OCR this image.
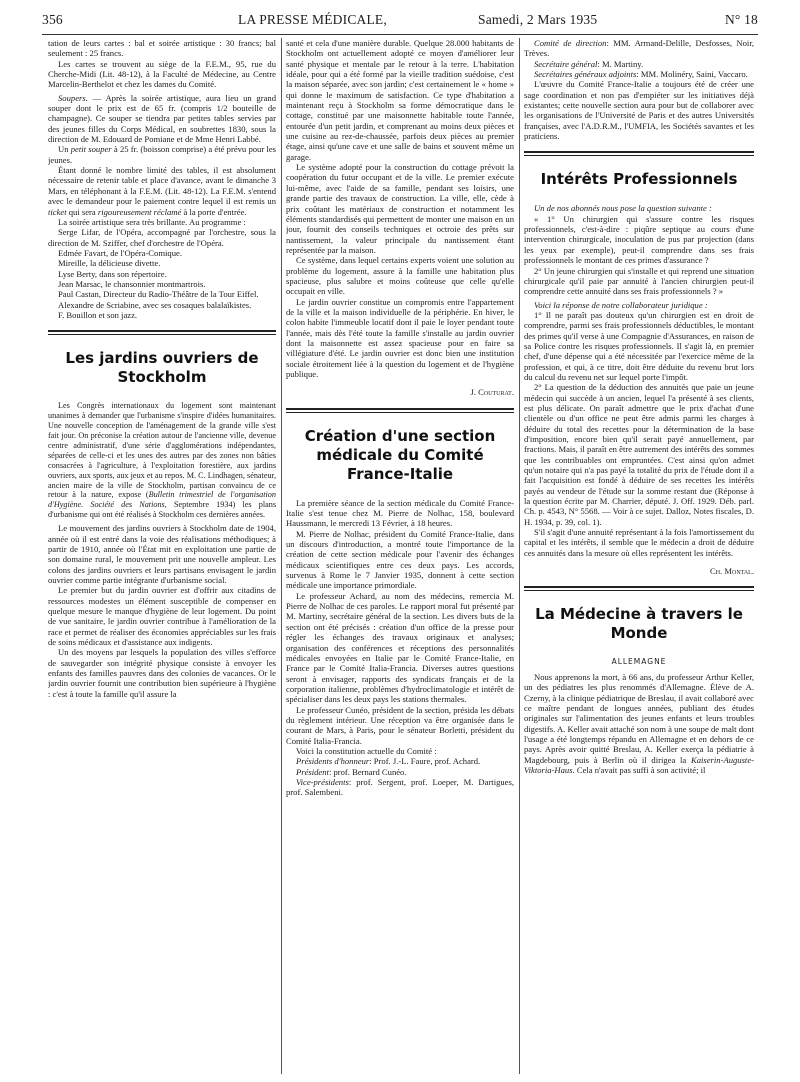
356	LA PRESSE MÉDICALE,	Samedi, 2 Mars 1935	N° 18

tation de leurs cartes : bal et soirée artistique : 30 francs; bal seulement : 25 francs.

Les cartes se trouvent au siège de la F.E.M., 95, rue du Cherche-Midi (Lit. 48-12), à la Faculté de Médecine, au Centre Marcelin-Berthelot et chez les dames du Comité.

Soupers. — Après la soirée artistique, aura lieu un grand souper dont le prix est de 65 fr. (compris 1/2 bouteille de champagne). Ce souper se tiendra par petites tables servies par des jeunes filles du Corps Médical, en soubrettes 1830, sous la direction de M. Edouard de Pomiane et de Mme Henri Labbé.

Un petit souper à 25 fr. (boisson comprise) a été prévu pour les jeunes.

Étant donné le nombre limité des tables, il est absolument nécessaire de retenir table et place d'avance, avant le dimanche 3 Mars, en téléphonant à la F.E.M. (Lit. 48-12). La F.E.M. s'entend avec le demandeur pour le paiement contre lequel il est remis un ticket qui sera rigoureusement réclamé à la porte d'entrée.

La soirée artistique sera très brillante. Au programme :

Serge Lifar, de l'Opéra, accompagné par l'orchestre, sous la direction de M. Sziffer, chef d'orchestre de l'Opéra.

Edmée Favart, de l'Opéra-Comique.

Mireille, la délicieuse divette.

Lyse Berty, dans son répertoire.

Jean Marsac, le chansonnier montmartrois.

Paul Castan, Directeur du Radio-Théâtre de la Tour Eiffel.

Alexandre de Scriabine, avec ses cosaques balalaïkistes.

F. Bouillon et son jazz.

Les jardins ouvriers de Stockholm

Les Congrès internationaux du logement sont maintenant unanimes à demander que l'urbanisme s'inspire d'idées humanitaires. Une nouvelle conception de l'aménagement de la grande ville s'est fait jour. On préconise la création autour de l'ancienne ville, devenue centre administratif, d'une série d'agglomérations indépendantes, séparées de celle-ci et les unes des autres par des zones non bâties consacrées à l'agriculture, à l'exploitation forestière, aux jardins ouvriers, aux sports, aux jeux et au repos. M. C. Lindhagen, sénateur, ancien maire de la ville de Stockholm, partisan convaincu de ce retour à la nature, expose (Bulletin trimestriel de l'organisation d'Hygiène. Société des Nations, Septembre 1934) les plans d'urbanisme qui ont été réalisés à Stockholm ces dernières années.

Le mouvement des jardins ouvriers à Stockholm date de 1904, année où il est entré dans la voie des réalisations méthodiques; à partir de 1910, année où l'État mit en exploitation une partie de son domaine rural, le mouvement prit une nouvelle ampleur. Les colons des jardins ouvriers et leurs partisans envisagent le jardin ouvrier comme partie intégrante d'urbanisme social.

Le premier but du jardin ouvrier est d'offrir aux citadins de ressources modestes un élément susceptible de compenser en quelque mesure le manque d'hygiène de leur logement. Du point de vue sanitaire, le jardin ouvrier contribue à l'amélioration de la race et permet de réaliser des économies appréciables sur les frais de soins médicaux et d'assistance aux indigents.

Un des moyens par lesquels la population des villes s'efforce de sauvegarder son intégrité physique consiste à envoyer les enfants des familles pauvres dans des colonies de vacances. Or le jardin ouvrier fournit une contribution bien supérieure à l'hygiène : c'est à toute la famille qu'il assure la

santé et cela d'une manière durable. Quelque 28.000 habitants de Stockholm ont actuellement adopté ce moyen d'améliorer leur santé physique et mentale par le retour à la terre. L'habitation idéale, pour qui a été formé par la vieille tradition suédoise, c'est la maison séparée, avec son jardin; c'est certainement le « home » qui donne le maximum de satisfaction. Ce type d'habitation a maintenant reçu à Stockholm sa forme démocratique dans le cottage, constitué par une maisonnette habitable toute l'année, entourée d'un petit jardin, et comprenant au moins deux pièces et une cuisine au rez-de-chaussée, parfois deux pièces au premier étage, ainsi qu'une cave et une salle de bains et souvent même un garage.

Le système adopté pour la construction du cottage prévoit la coopération du futur occupant et de la ville. Le premier exécute lui-même, avec l'aide de sa famille, pendant ses loisirs, une grande partie des travaux de construction. La ville, elle, cède à prix coûtant les matériaux de construction et notamment les éléments standardisés qui permettent de monter une maison en un jour, fournit des conseils techniques et octroie des prêts sur nantissement, la valeur principale du nantissement étant représentée par la maison.

Ce système, dans lequel certains experts voient une solution au problème du logement, assure à la famille une habitation plus spacieuse, plus salubre et moins coûteuse que celle qu'elle occupait en ville.

Le jardin ouvrier constitue un compromis entre l'appartement de la ville et la maison individuelle de la périphérie. En hiver, le colon habite l'immeuble locatif dont il paie le loyer pendant toute l'année, mais dès l'été toute la famille s'installe au jardin ouvrier dont la maisonnette est assez spacieuse pour en faire sa villégiature d'été. Le jardin ouvrier est donc bien une institution sociale étroitement liée à la question du logement et de l'hygiène publique.

J. Couturat.
Création d'une section médicale du Comité France-Italie

La première séance de la section médicale du Comité France-Italie s'est tenue chez M. Pierre de Nolhac, 158, boulevard Haussmann, le mercredi 13 Février, à 18 heures.

M. Pierre de Nolhac, président du Comité France-Italie, dans un discours d'introduction, a montré toute l'importance de la création de cette section médicale pour l'avenir des échanges médicaux scientifiques entre ces deux pays. Les accords, survenus à Rome le 7 Janvier 1935, donnent à cette section médicale une importance primordiale.

Le professeur Achard, au nom des médecins, remercia M. Pierre de Nolhac de ces paroles. Le rapport moral fut présenté par M. Martiny, secrétaire général de la section. Les divers buts de la section ont été précisés : création d'un office de la presse pour régler les échanges des travaux originaux et analyses; organisation des conférences et réceptions des personnalités médicales envoyées en Italie par le Comité France-Italie, en France par le Comité Italia-Francia. Diverses autres questions seront à envisager, rapports des syndicats français et de la corporation italienne, problèmes d'hydroclimatologie et intérêt de spécialiser dans les deux pays les stations thermales.

Le professeur Cunéo, président de la section, présida les débats du règlement intérieur. Une réception va être organisée dans le courant de Mars, à Paris, pour le sénateur Borletti, président du Comité Italia-Francia.

Voici la constitution actuelle du Comité :

Présidents d'honneur: Prof. J.-L. Faure, prof. Achard.

Président: prof. Bernard Cunéo.

Vice-présidents: prof. Sergent, prof. Loeper, M. Dartigues, prof. Salembeni.

Comité de direction: MM. Armand-Delille, Desfosses, Noir, Trèves.

Secrétaire général: M. Martiny.

Secrétaires généraux adjoints: MM. Molinéry, Saini, Vaccaro.

L'œuvre du Comité France-Italie a toujours été de créer une sage coordination et non pas d'empiéter sur les initiatives déjà existantes; cette nouvelle section aura pour but de collaborer avec les organisations de l'Université de Paris et des autres Universités françaises, avec l'A.D.R.M., l'UMFIA, les Sociétés savantes et les praticiens.

Intérêts Professionnels

Un de nos abonnés nous pose la question suivante :

« 1° Un chirurgien qui s'assure contre les risques professionnels, c'est-à-dire : piqûre septique au cours d'une intervention chirurgicale, inoculation de pus par projection (dans les yeux par exemple), peut-il comprendre dans ses frais professionnels le montant de ces primes d'assurance ?

2° Un jeune chirurgien qui s'installe et qui reprend une situation chirurgicale qu'il paie par annuité à l'ancien chirurgien peut-il comprendre cette annuité dans ses frais professionnels ? »

Voici la réponse de notre collaborateur juridique :

1° Il ne paraît pas douteux qu'un chirurgien est en droit de comprendre, parmi ses frais professionnels déductibles, le montant des primes qu'il verse à une Compagnie d'Assurances, en raison de sa Police contre les risques professionnels. Il s'agit là, en premier chef, d'une dépense qui a été nécessitée par l'exercice même de la profession, et qui, à ce titre, doit être déduite du revenu brut lors du calcul du revenu net sur lequel porte l'impôt.

2° La question de la déduction des annuités que paie un jeune médecin qui succède à un ancien, lequel l'a présenté à ses clients, est plus délicate. On paraît admettre que le prix d'achat d'une clientèle ou d'un office ne peut être admis parmi les charges à déduire du total des recettes pour la détermination de la base d'imposition, encore bien qu'il serait payé annuellement, par fractions. Mais, il paraît en être autrement des intérêts des sommes que les contribuables ont empruntées. C'est ainsi qu'on admet qu'un notaire qui n'a pas payé la totalité du prix de l'étude dont il a fait l'acquisition est fondé à déduire de ses recettes les intérêts payés au vendeur de l'étude sur la somme restant due (Réponse à la question écrite par M. Charrier, député. J. Off. 1929. Déb. parl. Ch. p. 4543, N° 5568. — Voir à ce sujet. Dalloz, Notes fiscales, D. H. 1934, p. 39, col. 1).

S'il s'agit d'une annuité représentant à la fois l'amortissement du capital et les intérêts, il semble que le médecin a droit de déduire ces annuités dans la mesure où elles représentent les intérêts.

Ch. Montal.
La Médecine à travers le Monde
ALLEMAGNE

Nous apprenons la mort, à 66 ans, du professeur Arthur Keller, un des pédiatres les plus renommés d'Allemagne. Élève de A. Czerny, à la clinique pédiatrique de Breslau, il avait collaboré avec ce maître pendant de longues années, publiant des études originales sur l'alimentation des jeunes enfants et leurs troubles digestifs. A. Keller avait attaché son nom à une soupe de malt dont l'usage a été longtemps répandu en Allemagne et en dehors de ce pays. Après avoir quitté Breslau, A. Keller exerça la pédiatrie à Magdebourg, puis à Berlin où il dirigea la Kaiserin-Auguste-Viktoria-Haus. Cela n'avait pas suffi à son activité; il
